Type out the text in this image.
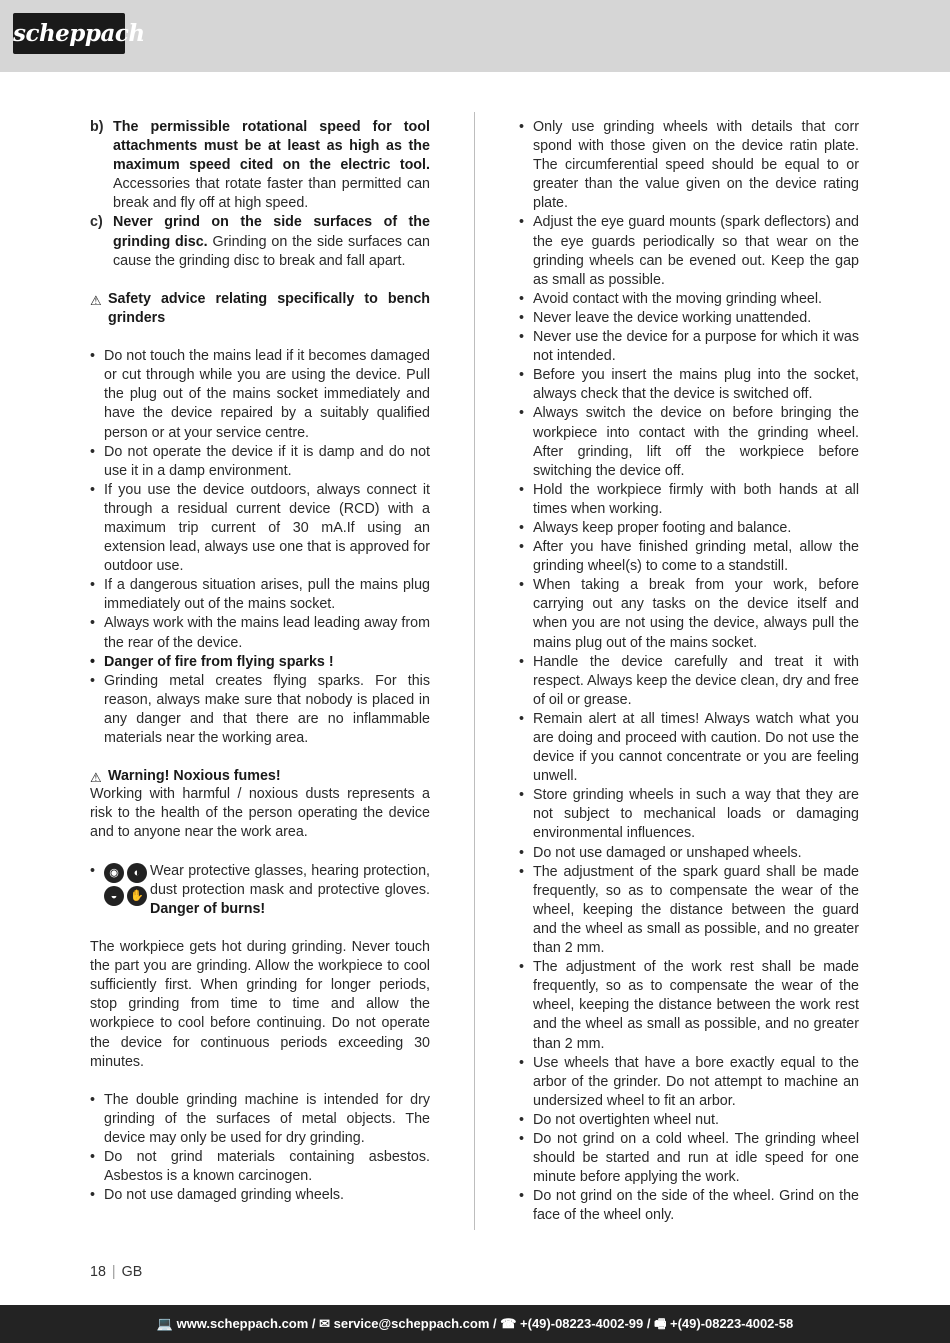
scheppach
b) The permissible rotational speed for tool attachments must be at least as high as the maximum speed cited on the electric tool. Accessories that rotate faster than permitted can break and fly off at high speed.
c) Never grind on the side surfaces of the grinding disc. Grinding on the side surfaces can cause the grinding disc to break and fall apart.
⚠ Safety advice relating specifically to bench grinders
• Do not touch the mains lead if it becomes damaged or cut through while you are using the device. Pull the plug out of the mains socket immediately and have the device repaired by a suitably qualified person or at your service centre.
• Do not operate the device if it is damp and do not use it in a damp environment.
• If you use the device outdoors, always connect it through a residual current device (RCD) with a maximum trip current of 30 mA.If using an extension lead, always use one that is approved for outdoor use.
• If a dangerous situation arises, pull the mains plug immediately out of the mains socket.
• Always work with the mains lead leading away from the rear of the device.
• Danger of fire from flying sparks !
• Grinding metal creates flying sparks. For this reason, always make sure that nobody is placed in any danger and that there are no inflammable materials near the working area.
⚠ Warning! Noxious fumes!

Working with harmful / noxious dusts represents a risk to the health of the person operating the device and to anyone near the work area.

• ◉	◐
◒	✋
Wear protective glasses, hearing protection, dust protection mask and protective gloves. Danger of burns!

The workpiece gets hot during grinding. Never touch the part you are grinding. Allow the workpiece to cool sufficiently first. When grinding for longer periods, stop grinding from time to time and allow the workpiece to cool before continuing. Do not operate the device for continuous periods exceeding 30 minutes.

• The double grinding machine is intended for dry grinding of the surfaces of metal objects. The device may only be used for dry grinding.
• Do not grind materials containing asbestos. Asbestos is a known carcinogen.
• Do not use damaged grinding wheels.
• Only use grinding wheels with details that corr spond with those given on the device ratin plate. The circumferential speed should be equal to or greater than the value given on the device rating plate.
• Adjust the eye guard mounts (spark deflectors) and the eye guards periodically so that wear on the grinding wheels can be evened out. Keep the gap as small as possible.
• Avoid contact with the moving grinding wheel.
• Never leave the device working unattended.
• Never use the device for a purpose for which it was not intended.
• Before you insert the mains plug into the socket, always check that the device is switched off.
• Always switch the device on before bringing the workpiece into contact with the grinding wheel. After grinding, lift off the workpiece before switching the device off.
• Hold the workpiece firmly with both hands at all times when working.
• Always keep proper footing and balance.
• After you have finished grinding metal, allow the grinding wheel(s) to come to a standstill.
• When taking a break from your work, before carrying out any tasks on the device itself and when you are not using the device, always pull the mains plug out of the mains socket.
• Handle the device carefully and treat it with respect. Always keep the device clean, dry and free of oil or grease.
• Remain alert at all times! Always watch what you are doing and proceed with caution. Do not use the device if you cannot concentrate or you are feeling unwell.
• Store grinding wheels in such a way that they are not subject to mechanical loads or damaging environmental influences.
• Do not use damaged or unshaped wheels.
• The adjustment of the spark guard shall be made frequently, so as to compensate the wear of the wheel, keeping the distance between the guard and the wheel as small as possible, and no greater than 2 mm.
• The adjustment of the work rest shall be made frequently, so as to compensate the wear of the wheel, keeping the distance between the work rest and the wheel as small as possible, and no greater than 2 mm.
• Use wheels that have a bore exactly equal to the arbor of the grinder. Do not attempt to machine an undersized wheel to fit an arbor.
• Do not overtighten wheel nut.
• Do not grind on a cold wheel. The grinding wheel should be started and run at idle speed for one minute before applying the work.
• Do not grind on the side of the wheel. Grind on the face of the wheel only.
18 | GB
💻 www.scheppach.com / ✉ service@scheppach.com / ☎ +(49)-08223-4002-99 / 🖷 +(49)-08223-4002-58
